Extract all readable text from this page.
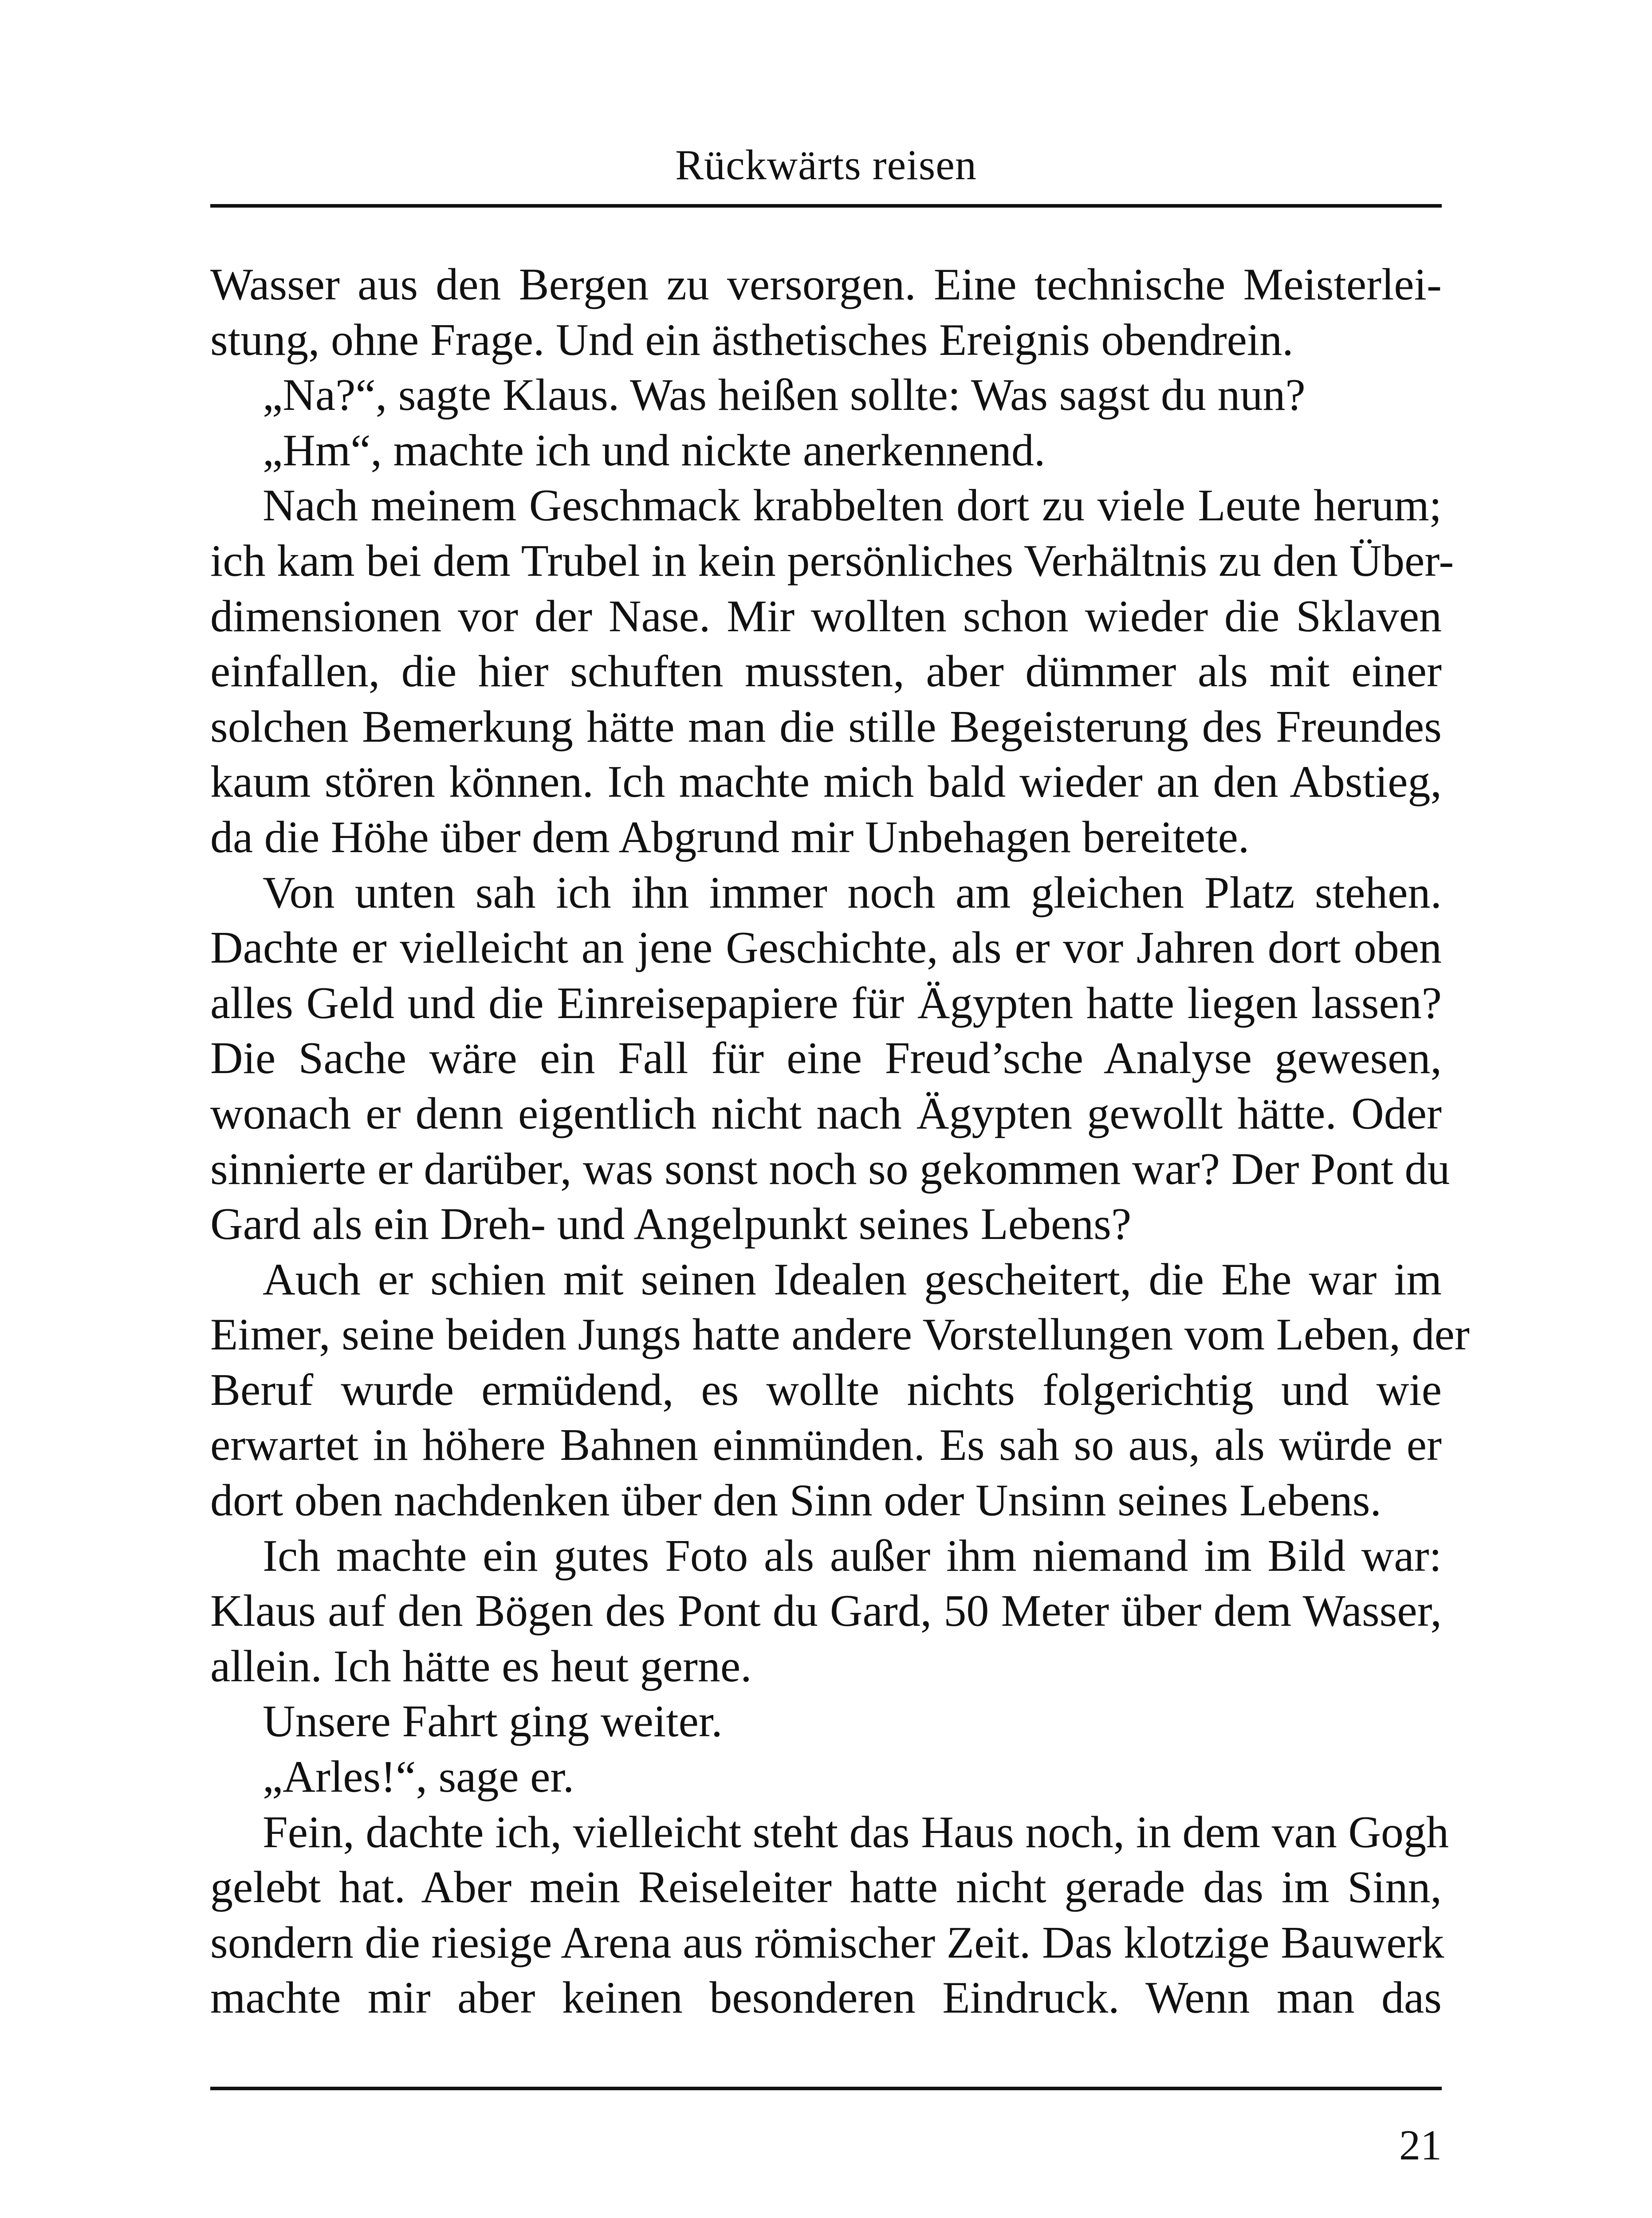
Rückwärts reisen

Wasser aus den Bergen zu versorgen. Eine technische Meisterlei-
stung, ohne Frage. Und ein ästhetisches Ereignis obendrein.

„Na?“, sagte Klaus. Was heißen sollte: Was sagst du nun?

„Hm“, machte ich und nickte anerkennend.

Nach meinem Geschmack krabbelten dort zu viele Leute herum;
ich kam bei dem Trubel in kein persönliches Verhältnis zu den Über-
dimensionen vor der Nase. Mir wollten schon wieder die Sklaven
einfallen, die hier schuften mussten, aber dümmer als mit einer
solchen Bemerkung hätte man die stille Begeisterung des Freundes
kaum stören können. Ich machte mich bald wieder an den Abstieg,
da die Höhe über dem Abgrund mir Unbehagen bereitete.

Von unten sah ich ihn immer noch am gleichen Platz stehen.
Dachte er vielleicht an jene Geschichte, als er vor Jahren dort oben
alles Geld und die Einreisepapiere für Ägypten hatte liegen lassen?
Die Sache wäre ein Fall für eine Freud’sche Analyse gewesen,
wonach er denn eigentlich nicht nach Ägypten gewollt hätte. Oder
sinnierte er darüber, was sonst noch so gekommen war? Der Pont du
Gard als ein Dreh- und Angelpunkt seines Lebens?

Auch er schien mit seinen Idealen gescheitert, die Ehe war im
Eimer, seine beiden Jungs hatte andere Vorstellungen vom Leben, der
Beruf wurde ermüdend, es wollte nichts folgerichtig und wie
erwartet in höhere Bahnen einmünden. Es sah so aus, als würde er
dort oben nachdenken über den Sinn oder Unsinn seines Lebens.

Ich machte ein gutes Foto als außer ihm niemand im Bild war:
Klaus auf den Bögen des Pont du Gard, 50 Meter über dem Wasser,
allein. Ich hätte es heut gerne.

Unsere Fahrt ging weiter.

„Arles!“, sage er.

Fein, dachte ich, vielleicht steht das Haus noch, in dem van Gogh
gelebt hat. Aber mein Reiseleiter hatte nicht gerade das im Sinn,
sondern die riesige Arena aus römischer Zeit. Das klotzige Bauwerk
machte mir aber keinen besonderen Eindruck. Wenn man das

21
